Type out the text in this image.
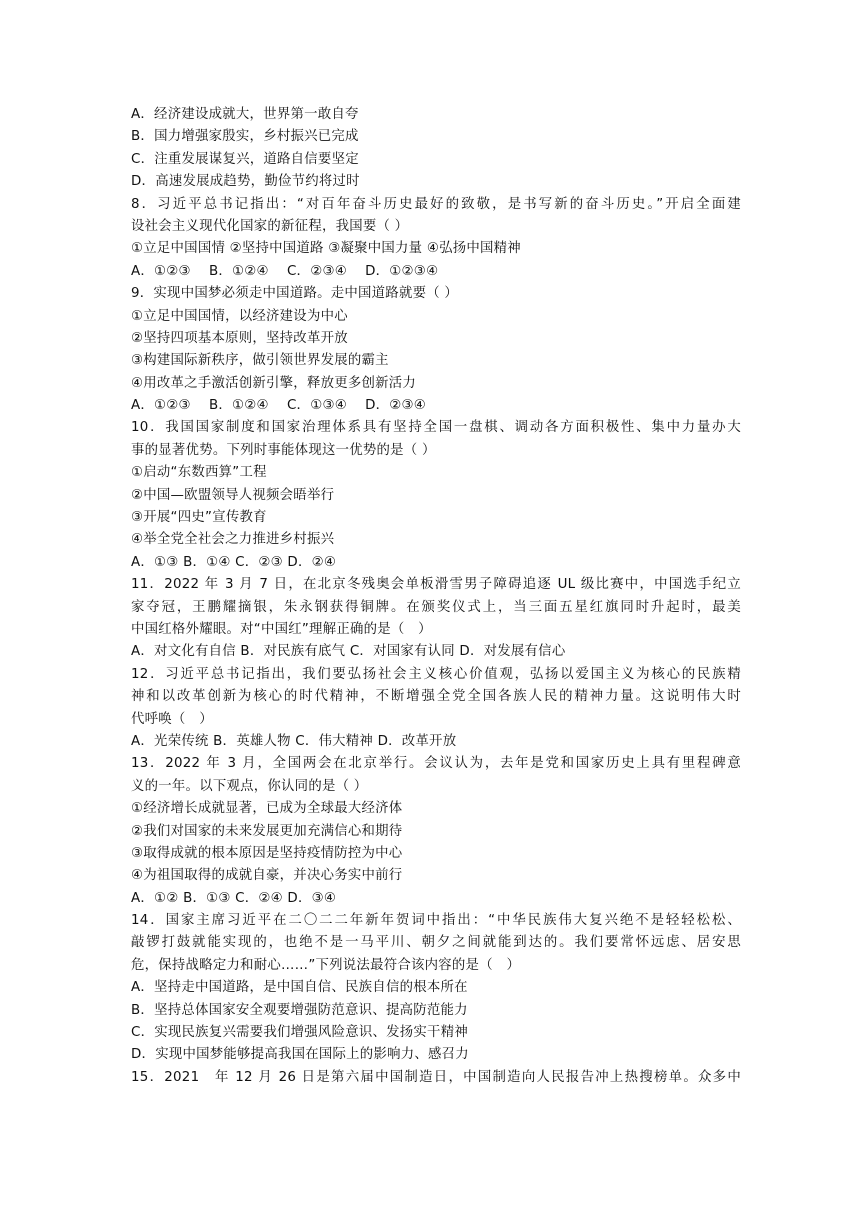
A．经济建设成就大，世界第一敢自夸
B．国力增强家殷实，乡村振兴已完成
C．注重发展谋复兴，道路自信要坚定
D．高速发展成趋势，勤俭节约将过时
8．习近平总书记指出：“对百年奋斗历史最好的致敬，是书写新的奋斗历史。”开启全面建
设社会主义现代化国家的新征程，我国要（ ）
①立足中国国情 ②坚持中国道路 ③凝聚中国力量 ④弘扬中国精神
A．①②③　 B．①②④　 C．②③④　 D．①②③④
9．实现中国梦必须走中国道路。走中国道路就要（ ）
①立足中国国情，以经济建设为中心
②坚持四项基本原则，坚持改革开放
③构建国际新秩序，做引领世界发展的霸主
④用改革之手激活创新引擎，释放更多创新活力
A．①②③　 B．①②④　 C．①③④　 D．②③④
10．我国国家制度和国家治理体系具有坚持全国一盘棋、调动各方面积极性、集中力量办大
事的显著优势。下列时事能体现这一优势的是（ ）
①启动“东数西算”工程
②中国—欧盟领导人视频会晤举行
③开展“四史”宣传教育
④举全党全社会之力推进乡村振兴
A．①③ B．①④ C．②③ D．②④
11．2022 年 3 月 7 日，在北京冬残奥会单板滑雪男子障碍追逐 UL 级比赛中，中国选手纪立
家夺冠，王鹏耀摘银，朱永钢获得铜牌。在颁奖仪式上，当三面五星红旗同时升起时，最美
中国红格外耀眼。对“中国红”理解正确的是（　）
A．对文化有自信 B．对民族有底气 C．对国家有认同 D．对发展有信心
12．习近平总书记指出，我们要弘扬社会主义核心价值观，弘扬以爱国主义为核心的民族精
神和以改革创新为核心的时代精神，不断增强全党全国各族人民的精神力量。这说明伟大时
代呼唤（　）
A．光荣传统 B．英雄人物 C．伟大精神 D．改革开放
13．2022 年 3 月，全国两会在北京举行。会议认为，去年是党和国家历史上具有里程碑意
义的一年。以下观点，你认同的是（ ）
①经济增长成就显著，已成为全球最大经济体
②我们对国家的未来发展更加充满信心和期待
③取得成就的根本原因是坚持疫情防控为中心
④为祖国取得的成就自豪，并决心务实中前行
A．①② B．①③ C．②④ D．③④
14．国家主席习近平在二〇二二年新年贺词中指出：“中华民族伟大复兴绝不是轻轻松松、
敲锣打鼓就能实现的，也绝不是一马平川、朝夕之间就能到达的。我们要常怀远虑、居安思
危，保持战略定力和耐心……”下列说法最符合该内容的是（　）
A．坚持走中国道路，是中国自信、民族自信的根本所在
B．坚持总体国家安全观要增强防范意识、提高防范能力
C．实现民族复兴需要我们增强风险意识、发扬实干精神
D．实现中国梦能够提高我国在国际上的影响力、感召力
15．2021　年 12 月 26 日是第六届中国制造日，中国制造向人民报告冲上热搜榜单。众多中
